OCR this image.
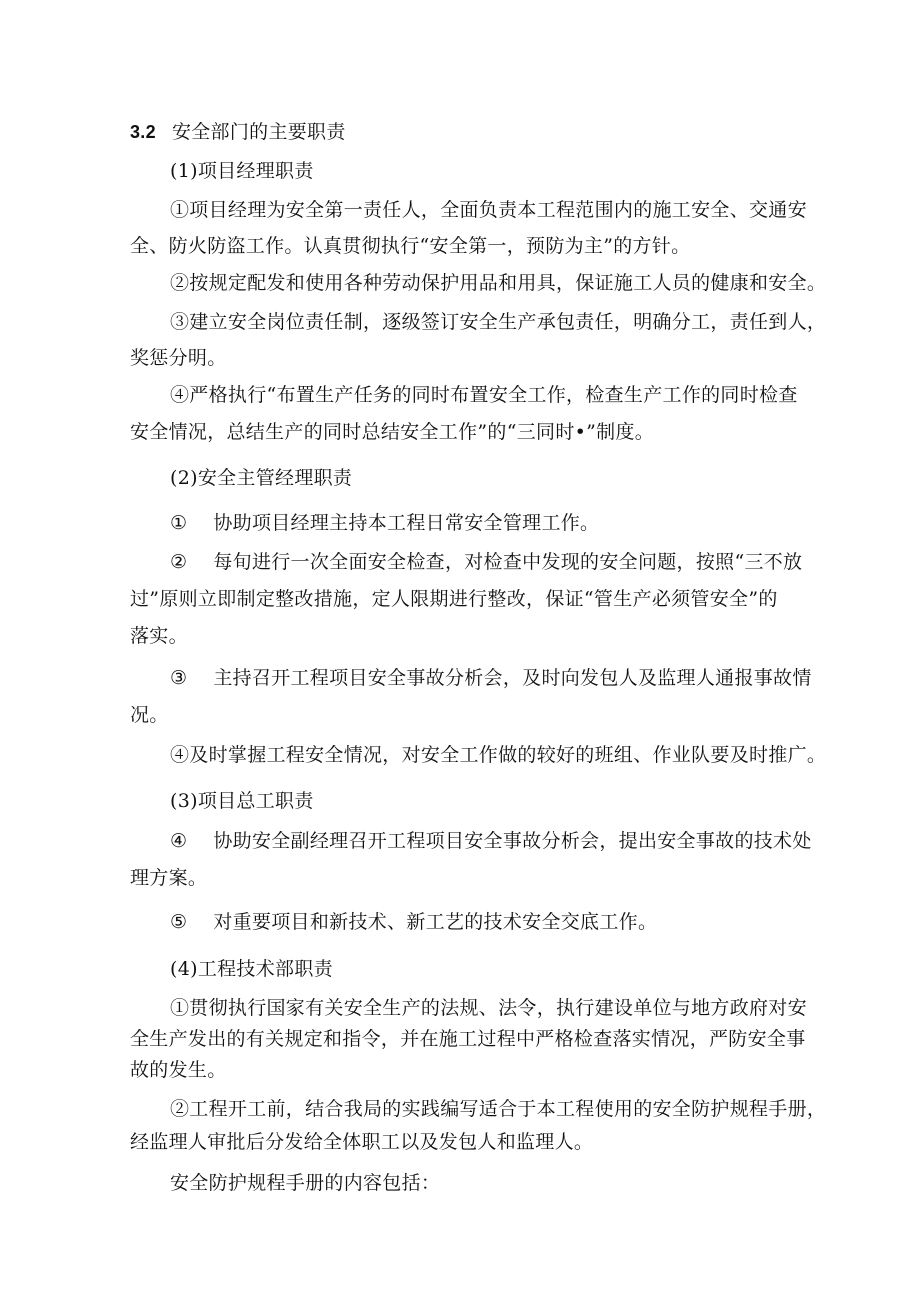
3.2 安全部门的主要职责
(1)项目经理职责
①项目经理为安全第一责任人，全面负责本工程范围内的施工安全、交通安
全、防火防盗工作。认真贯彻执行“安全第一，预防为主”的方针。
②按规定配发和使用各种劳动保护用品和用具，保证施工人员的健康和安全。
③建立安全岗位责任制，逐级签订安全生产承包责任，明确分工，责任到人，
奖惩分明。
④严格执行“布置生产任务的同时布置安全工作，检查生产工作的同时检查
安全情况，总结生产的同时总结安全工作”的“三同时•”制度。
(2)安全主管经理职责
① 协助项目经理主持本工程日常安全管理工作。
② 每旬进行一次全面安全检查，对检查中发现的安全问题，按照“三不放
过”原则立即制定整改措施，定人限期进行整改，保证“管生产必须管安全”的
落实。
③ 主持召开工程项目安全事故分析会，及时向发包人及监理人通报事故情
况。
④及时掌握工程安全情况，对安全工作做的较好的班组、作业队要及时推广。
(3)项目总工职责
④ 协助安全副经理召开工程项目安全事故分析会，提出安全事故的技术处
理方案。
⑤ 对重要项目和新技术、新工艺的技术安全交底工作。
(4)工程技术部职责
①贯彻执行国家有关安全生产的法规、法令，执行建设单位与地方政府对安
全生产发出的有关规定和指令，并在施工过程中严格检查落实情况，严防安全事
故的发生。
②工程开工前，结合我局的实践编写适合于本工程使用的安全防护规程手册，
经监理人审批后分发给全体职工以及发包人和监理人。
安全防护规程手册的内容包括：
